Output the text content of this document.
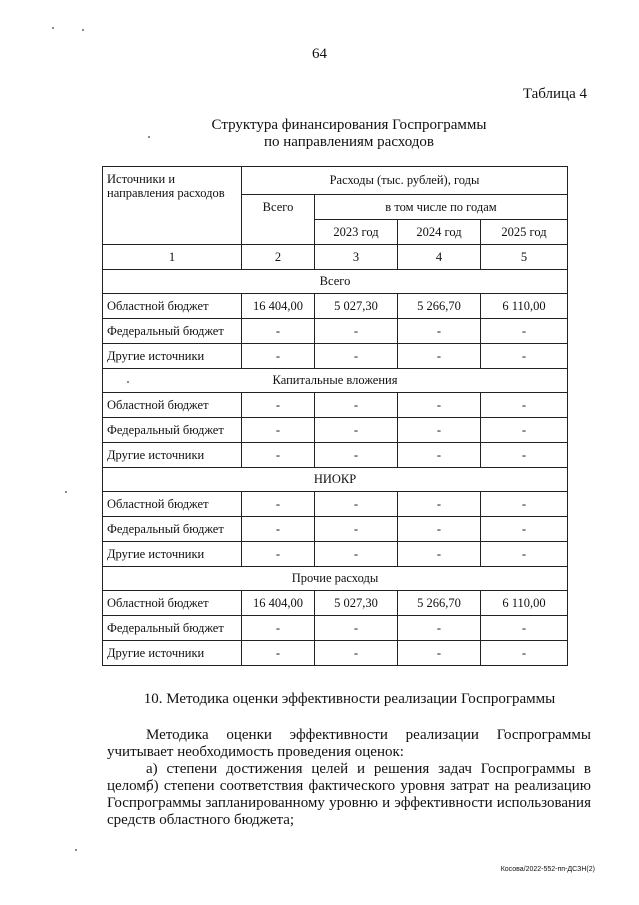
64
Таблица 4
Структура финансирования Госпрограммы
по направлениям расходов
Источники и направления расходов	Расходы (тыс. рублей), годы			
	Всего	в том числе по годам		
		2023 год	2024 год	2025 год
1	2	3	4	5
Всего				
Областной бюджет	16 404,00	5 027,30	5 266,70	6 110,00
Федеральный бюджет	-	-	-	-
Другие источники	-	-	-	-
Капитальные вложения				
Областной бюджет	-	-	-	-
Федеральный бюджет	-	-	-	-
Другие источники	-	-	-	-
НИОКР				
Областной бюджет	-	-	-	-
Федеральный бюджет	-	-	-	-
Другие источники	-	-	-	-
Прочие расходы				
Областной бюджет	16 404,00	5 027,30	5 266,70	6 110,00
Федеральный бюджет	-	-	-	-
Другие источники	-	-	-	-
10. Методика оценки эффективности реализации Госпрограммы
Методика оценки эффективности реализации Госпрограммы учитывает необходимость проведения оценок:
а) степени достижения целей и решения задач Госпрограммы в целом;
б) степени соответствия фактического уровня затрат на реализацию Госпрограммы запланированному уровню и эффективности использования средств областного бюджета;
Косова/2022-552-пп-ДСЗН(2)
